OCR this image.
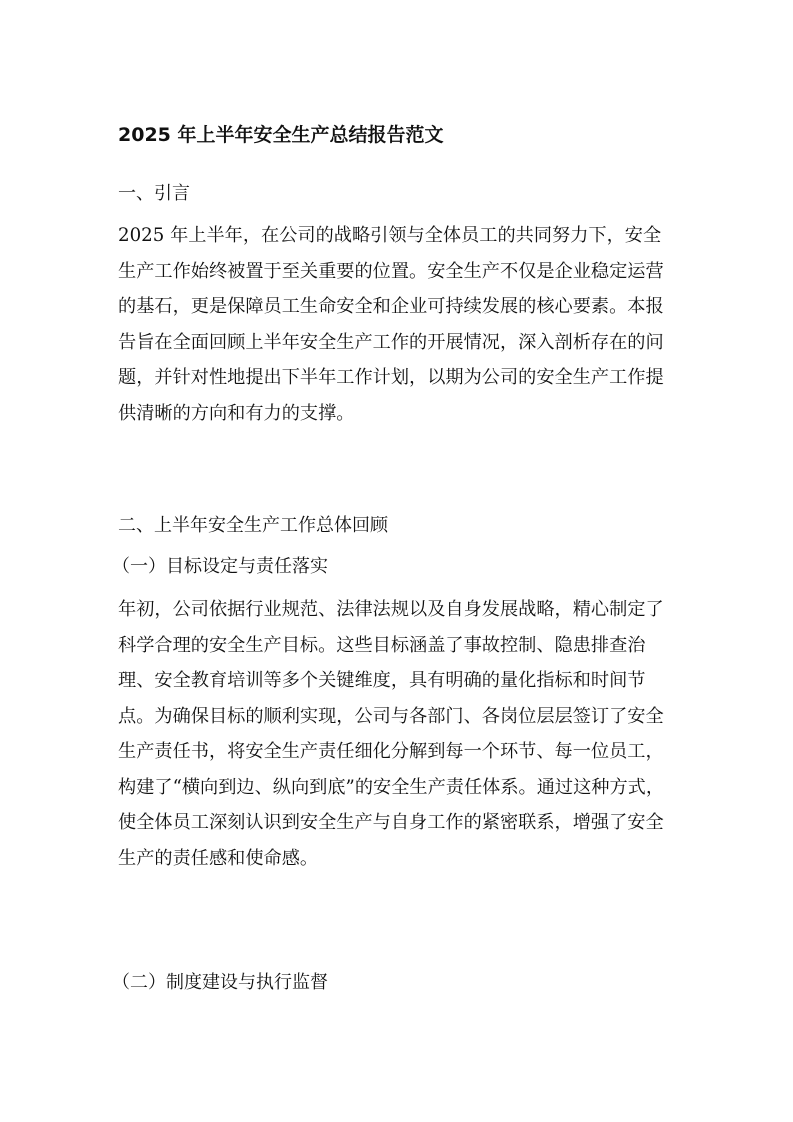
2025 年上半年安全生产总结报告范文
一、引言

2025 年上半年，在公司的战略引领与全体员工的共同努力下，安全生产工作始终被置于至关重要的位置。安全生产不仅是企业稳定运营的基石，更是保障员工生命安全和企业可持续发展的核心要素。本报告旨在全面回顾上半年安全生产工作的开展情况，深入剖析存在的问题，并针对性地提出下半年工作计划，以期为公司的安全生产工作提供清晰的方向和有力的支撑。

二、上半年安全生产工作总体回顾
（一）目标设定与责任落实

年初，公司依据行业规范、法律法规以及自身发展战略，精心制定了科学合理的安全生产目标。这些目标涵盖了事故控制、隐患排查治理、安全教育培训等多个关键维度，具有明确的量化指标和时间节点。为确保目标的顺利实现，公司与各部门、各岗位层层签订了安全生产责任书，将安全生产责任细化分解到每一个环节、每一位员工，构建了“横向到边、纵向到底”的安全生产责任体系。通过这种方式，使全体员工深刻认识到安全生产与自身工作的紧密联系，增强了安全生产的责任感和使命感。

（二）制度建设与执行监督
